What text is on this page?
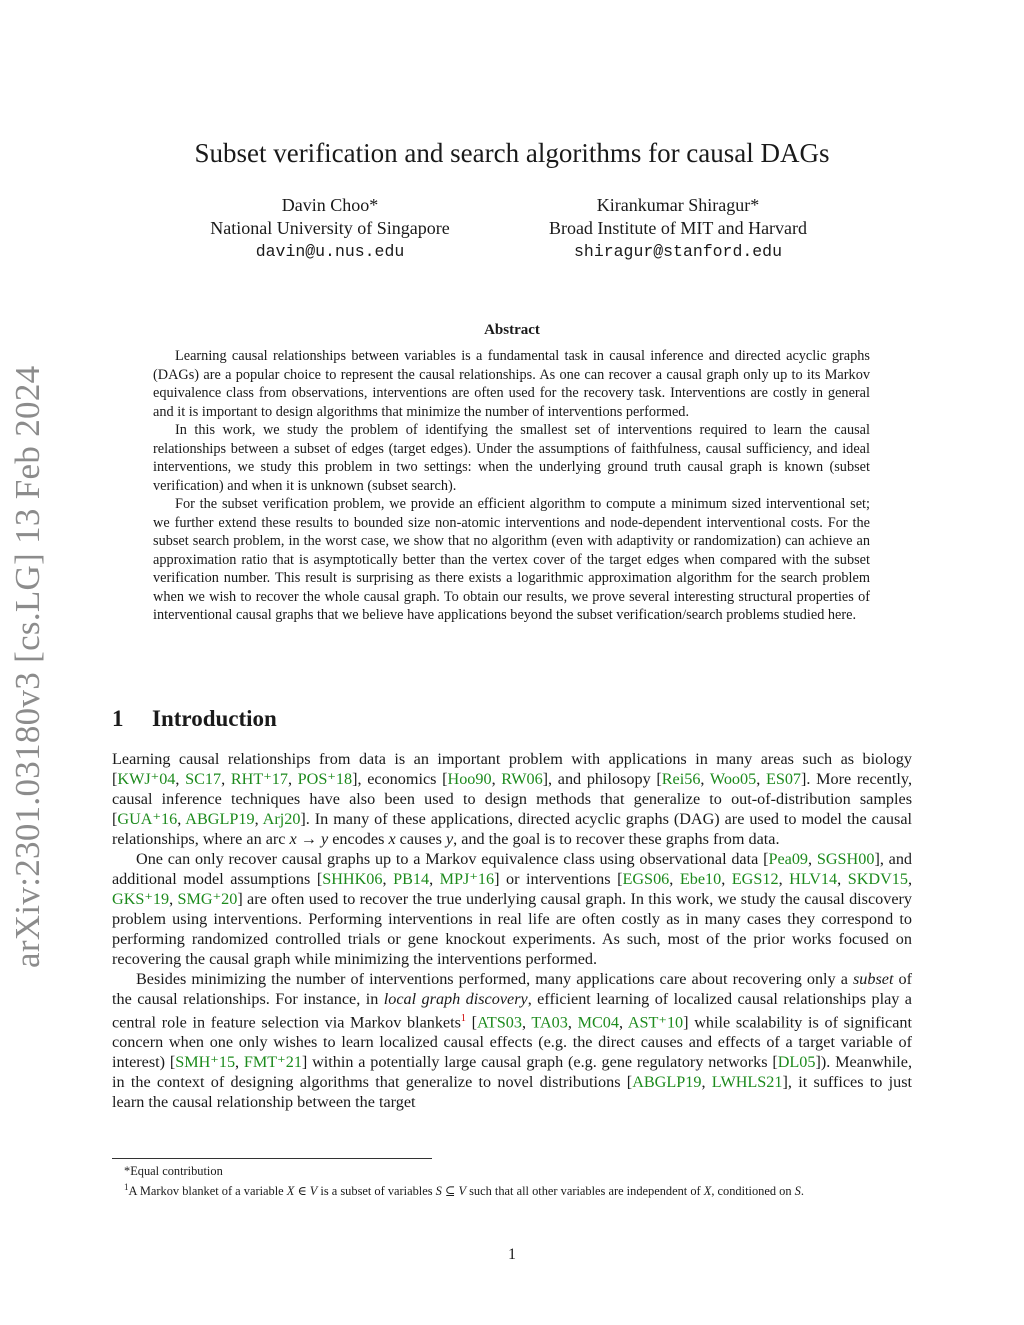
arXiv:2301.03180v3 [cs.LG] 13 Feb 2024
Subset verification and search algorithms for causal DAGs
Davin Choo*
National University of Singapore
davin@u.nus.edu
Kirankumar Shiragur*
Broad Institute of MIT and Harvard
shiragur@stanford.edu
Abstract

Learning causal relationships between variables is a fundamental task in causal inference and directed acyclic graphs (DAGs) are a popular choice to represent the causal relationships. As one can recover a causal graph only up to its Markov equivalence class from observations, interventions are often used for the recovery task. Interventions are costly in general and it is important to design algorithms that minimize the number of interventions performed.

In this work, we study the problem of identifying the smallest set of interventions required to learn the causal relationships between a subset of edges (target edges). Under the assumptions of faithfulness, causal sufficiency, and ideal interventions, we study this problem in two settings: when the underlying ground truth causal graph is known (subset verification) and when it is unknown (subset search).

For the subset verification problem, we provide an efficient algorithm to compute a minimum sized interventional set; we further extend these results to bounded size non-atomic interventions and node-dependent interventional costs. For the subset search problem, in the worst case, we show that no algorithm (even with adaptivity or randomization) can achieve an approximation ratio that is asymptotically better than the vertex cover of the target edges when compared with the subset verification number. This result is surprising as there exists a logarithmic approximation algorithm for the search problem when we wish to recover the whole causal graph. To obtain our results, we prove several interesting structural properties of interventional causal graphs that we believe have applications beyond the subset verification/search problems studied here.

1 Introduction

Learning causal relationships from data is an important problem with applications in many areas such as biology [KWJ⁺04, SC17, RHT⁺17, POS⁺18], economics [Hoo90, RW06], and philosopy [Rei56, Woo05, ES07]. More recently, causal inference techniques have also been used to design methods that generalize to out-of-distribution samples [GUA⁺16, ABGLP19, Arj20]. In many of these applications, directed acyclic graphs (DAG) are used to model the causal relationships, where an arc x → y encodes x causes y, and the goal is to recover these graphs from data.

One can only recover causal graphs up to a Markov equivalence class using observational data [Pea09, SGSH00], and additional model assumptions [SHHK06, PB14, MPJ⁺16] or interventions [EGS06, Ebe10, EGS12, HLV14, SKDV15, GKS⁺19, SMG⁺20] are often used to recover the true underlying causal graph. In this work, we study the causal discovery problem using interventions. Performing interventions in real life are often costly as in many cases they correspond to performing randomized controlled trials or gene knockout experiments. As such, most of the prior works focused on recovering the causal graph while minimizing the interventions performed.

Besides minimizing the number of interventions performed, many applications care about recovering only a subset of the causal relationships. For instance, in local graph discovery, efficient learning of localized causal relationships play a central role in feature selection via Markov blankets$^1$ [ATS03, TA03, MC04, AST⁺10] while scalability is of significant concern when one only wishes to learn localized causal effects (e.g. the direct causes and effects of a target variable of interest) [SMH⁺15, FMT⁺21] within a potentially large causal graph (e.g. gene regulatory networks [DL05]). Meanwhile, in the context of designing algorithms that generalize to novel distributions [ABGLP19, LWHLS21], it suffices to just learn the causal relationship between the target

*Equal contribution

$^1$A Markov blanket of a variable X ∈ V is a subset of variables S ⊆ V such that all other variables are independent of X, conditioned on S.

1
